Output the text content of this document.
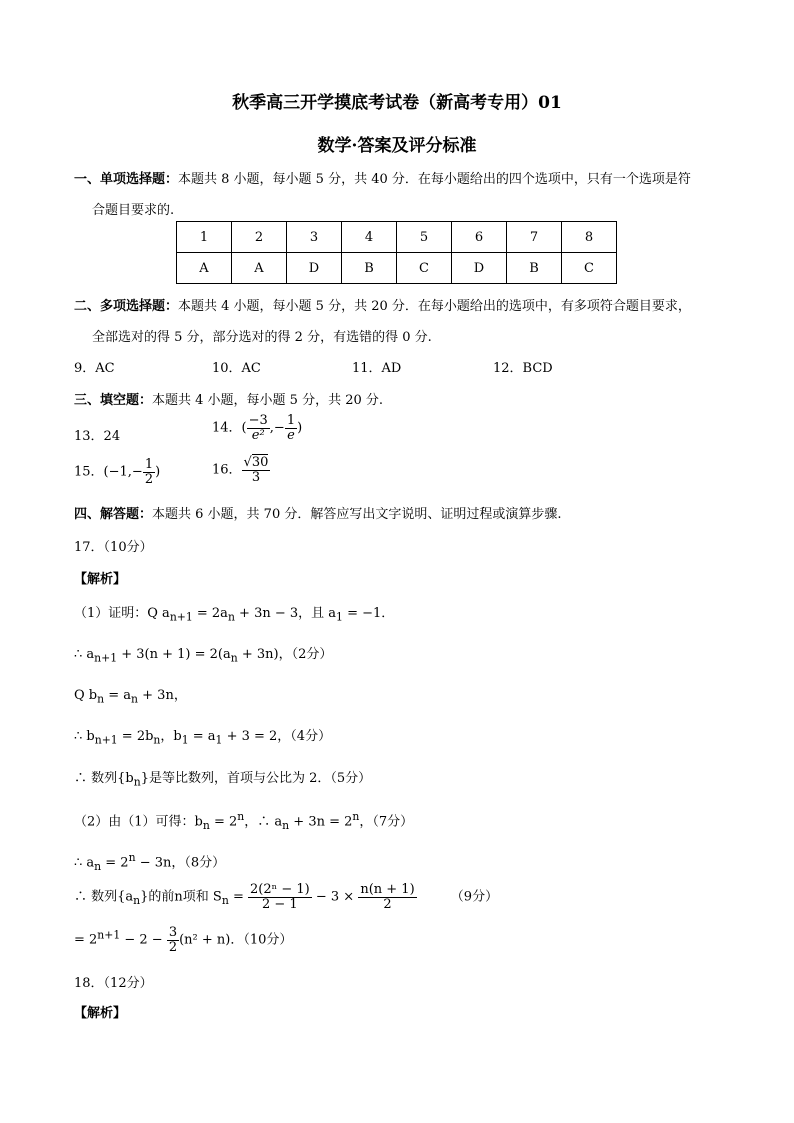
秋季高三开学摸底考试卷（新高考专用）01
数学·答案及评分标准
一、单项选择题：本题共 8 小题，每小题 5 分，共 40 分．在每小题给出的四个选项中，只有一个选项是符
合题目要求的.
1	2	3	4	5	6	7	8
A	A	D	B	C	D	B	C
二、多项选择题：本题共 4 小题，每小题 5 分，共 20 分．在每小题给出的选项中，有多项符合题目要求，
全部选对的得 5 分，部分选对的得 2 分，有选错的得 0 分.
9．AC	10．AC	11．AD	12．BCD
三、填空题：本题共 4 小题，每小题 5 分，共 20 分.
13．24
14．( $\frac{-3}{\text{e²}}$ ,− $\frac{1}{e}$ )
15．($-1,- \frac{1}{2}$ )	16． $\frac{√30}{3}$
四、解答题：本题共 6 小题，共 70 分．解答应写出文字说明、证明过程或演算步骤.
17．（10分）
【解析】
（1）证明：Q $a_{n+1} = 2a_n + 3n - 3$，且 $a_1 = -1$．
∴ $a_{n+1} + 3(n + 1) = 2(a_n + 3n)$，（2分）
Q $b_n = a_n + 3n$，
∴ $b_{n+1} = 2b_n$，$b_1 = a_1 + 3 = 2$，（4分）
∴ 数列$\{b_n\}$是等比数列，首项与公比为 2．（5分）
（2）由（1）可得：$b_n = 2^n$，∴ $a_n + 3n = 2^n$，（7分）
∴ $a_n = 2^n - 3n$，（8分）
∴ 数列$\{a_n\}$的前n项和 $S_n = \frac{\text{2(2ⁿ − 1)}}{2 - 1} - 3 \times \frac{n(n + 1)}{2}$	（9分）
= $2^{n+1} - 2 - \frac{3}{2} (n^2 + n)$．（10分）
18．（12分）
【解析】
